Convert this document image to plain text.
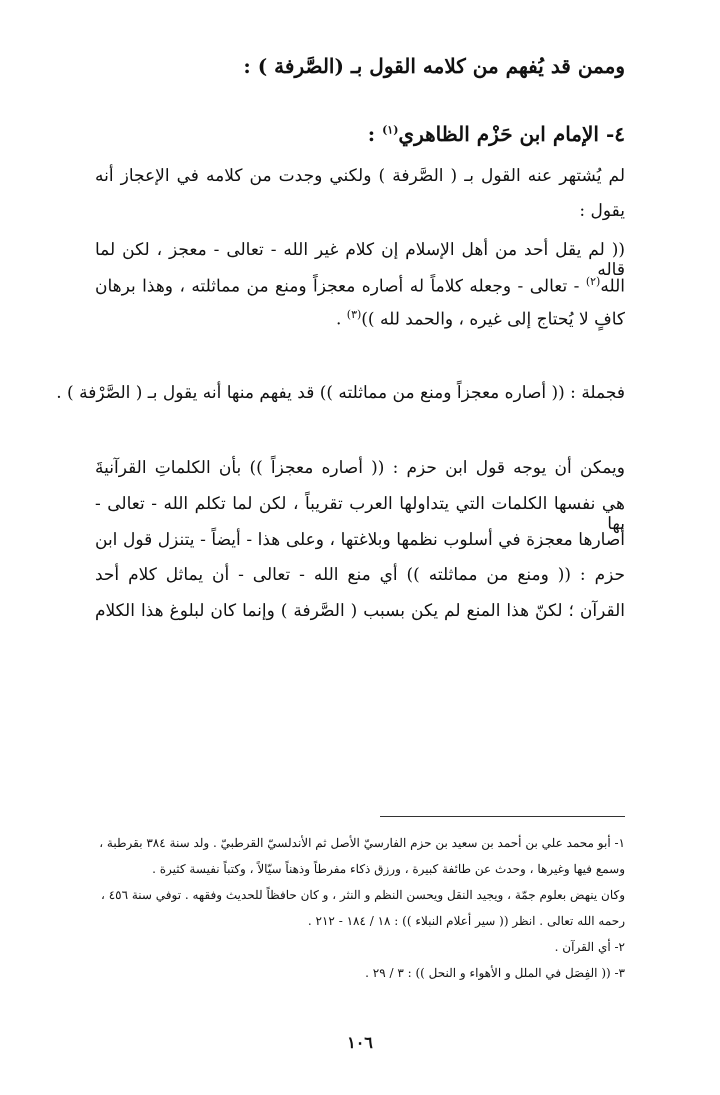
وممن قد يُفهم من كلامه القول بـ (الصَّرفة ) :
٤- الإمام ابن حَزْم الظاهري$^{(١)}$ :
لم يُشتهر عنه القول بـ ( الصَّرفة ) ولكني وجدت من كلامه في الإعجاز أنه
يقول :
(( لم يقل أحد من أهل الإسلام إن كلام غير الله - تعالى - معجز ، لكن لما قاله
الله$^{(٢)}$ - تعالى - وجعله كلاماً له أصاره معجزاً ومنع من مماثلته ، وهذا برهان
كافٍ لا يُحتاج إلى غيره ، والحمد لله ))$^{(٣)}$ .
فجملة : (( أصاره معجزاً ومنع من مماثلته )) قد يفهم منها أنه يقول بـ ( الصَّرْفة ) .
ويمكن أن يوجه قول ابن حزم : (( أصاره معجزاً )) بأن الكلماتِ القرآنيةَ
هي نفسها الكلمات التي يتداولها العرب تقريباً ، لكن لما تكلم الله - تعالى - بها
أصارها معجزة في أسلوب نظمها وبلاغتها ، وعلى هذا - أيضاً - يتنزل قول ابن
حزم : (( ومنع من مماثلته )) أي منع الله - تعالى - أن يماثل كلام أحد
القرآن ؛ لكنّ هذا المنع لم يكن بسبب ( الصَّرفة ) وإنما كان لبلوغ هذا الكلام
١- أبو محمد علي بن أحمد بن سعيد بن حزم الفارسيّ الأصل ثم الأندلسيّ القرطبيّ . ولد سنة ٣٨٤ بقرطبة ،
وسمع فيها وغيرها ، وحدث عن طائفة كبيرة ، ورزق ذكاء مفرطاً وذهناً سيّالاً ، وكتباً نفيسة كثيرة .
وكان ينهض بعلوم جمّة ، ويجيد النقل ويحسن النظم و النثر ، و كان حافظاً للحديث وفقهه . توفي سنة ٤٥٦ ،
رحمه الله تعالى . انظر (( سير أعلام النبلاء )) : ١٨ / ١٨٤ - ٢١٢ .
٢- أي القرآن .
٣- (( الفِصَل في الملل و الأهواء و النحل )) : ٣ / ٢٩ .
١٠٦
